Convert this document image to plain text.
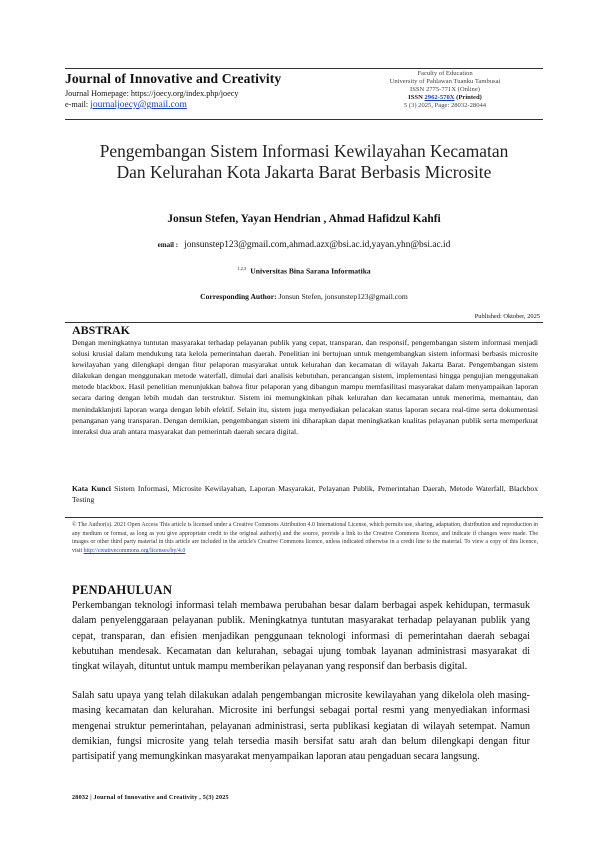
Journal of Innovative and Creativity
Journal Homepage: https://joecy.org/index.php/joecy
e-mail: journaljoecy@gmail.com
Faculty of Education
University of Pahlawan Tuanku Tambusai
ISSN 2775-771X (Online)
ISSN 2962-570X (Printed)
5 (3) 2025, Page: 28032-28044
Pengembangan Sistem Informasi Kewilayahan Kecamatan
Dan Kelurahan Kota Jakarta Barat Berbasis Microsite
Jonsun Stefen, Yayan Hendrian , Ahmad Hafidzul Kahfi
email : jonsunstep123@gmail.com,ahmad.azx@bsi.ac.id,yayan.yhn@bsi.ac.id
$^{1,2,3}$ Universitas Bina Sarana Informatika
Corresponding Author: Jonsun Stefen, jonsunstep123@gmail.com
Published: Oktober, 2025
ABSTRAK
Dengan meningkatnya tuntutan masyarakat terhadap pelayanan publik yang cepat, transparan, dan responsif, pengembangan sistem informasi menjadi solusi krusial dalam mendukung tata kelola pemerintahan daerah. Penelitian ini bertujuan untuk mengembangkan sistem informasi berbasis microsite kewilayahan yang dilengkapi dengan fitur pelaporan masyarakat untuk kelurahan dan kecamatan di wilayah Jakarta Barat. Pengembangan sistem dilakukan dengan menggunakan metode waterfall, dimulai dari analisis kebutuhan, perancangan sistem, implementasi hingga pengujian menggunakan metode blackbox. Hasil penelitian menunjukkan bahwa fitur pelaporan yang dibangun mampu memfasilitasi masyarakat dalam menyampaikan laporan secara daring dengan lebih mudah dan terstruktur. Sistem ini memungkinkan pihak kelurahan dan kecamatan untuk menerima, memantau, dan menindaklanjuti laporan warga dengan lebih efektif. Selain itu, sistem juga menyediakan pelacakan status laporan secara real-time serta dokumentasi penanganan yang transparan. Dengan demikian, pengembangan sistem ini diharapkan dapat meningkatkan kualitas pelayanan publik serta memperkuat interaksi dua arah antara masyarakat dan pemerintah daerah secara digital.
Kata Kunci Sistem Informasi, Microsite Kewilayahan, Laporan Masyarakat, Pelayanan Publik, Pemerintahan Daerah, Metode Waterfall, Blackbox Testing
© The Author(s). 2021 Open Access This article is licensed under a Creative Commons Attribution 4.0 International License, which permits use, sharing, adaptation, distribution and reproduction in any medium or format, as long as you give appropriate credit to the original author(s) and the source, provide a link to the Creative Commons licence, and indicate if changes were made. The images or other third party material in this article are included in the article's Creative Commons licence, unless indicated otherwise in a credit line to the material. To view a copy of this licence, visit http://creativecommons.org/licenses/by/4.0
PENDAHULUAN
Perkembangan teknologi informasi telah membawa perubahan besar dalam berbagai aspek kehidupan, termasuk dalam penyelenggaraan pelayanan publik. Meningkatnya tuntutan masyarakat terhadap pelayanan publik yang cepat, transparan, dan efisien menjadikan penggunaan teknologi informasi di pemerintahan daerah sebagai kebutuhan mendesak. Kecamatan dan kelurahan, sebagai ujung tombak layanan administrasi masyarakat di tingkat wilayah, dituntut untuk mampu memberikan pelayanan yang responsif dan berbasis digital.
Salah satu upaya yang telah dilakukan adalah pengembangan microsite kewilayahan yang dikelola oleh masing-masing kecamatan dan kelurahan. Microsite ini berfungsi sebagai portal resmi yang menyediakan informasi mengenai struktur pemerintahan, pelayanan administrasi, serta publikasi kegiatan di wilayah setempat. Namun demikian, fungsi microsite yang telah tersedia masih bersifat satu arah dan belum dilengkapi dengan fitur partisipatif yang memungkinkan masyarakat menyampaikan laporan atau pengaduan secara langsung.
28032 | Journal of Innovative and Creativity , 5(3) 2025
